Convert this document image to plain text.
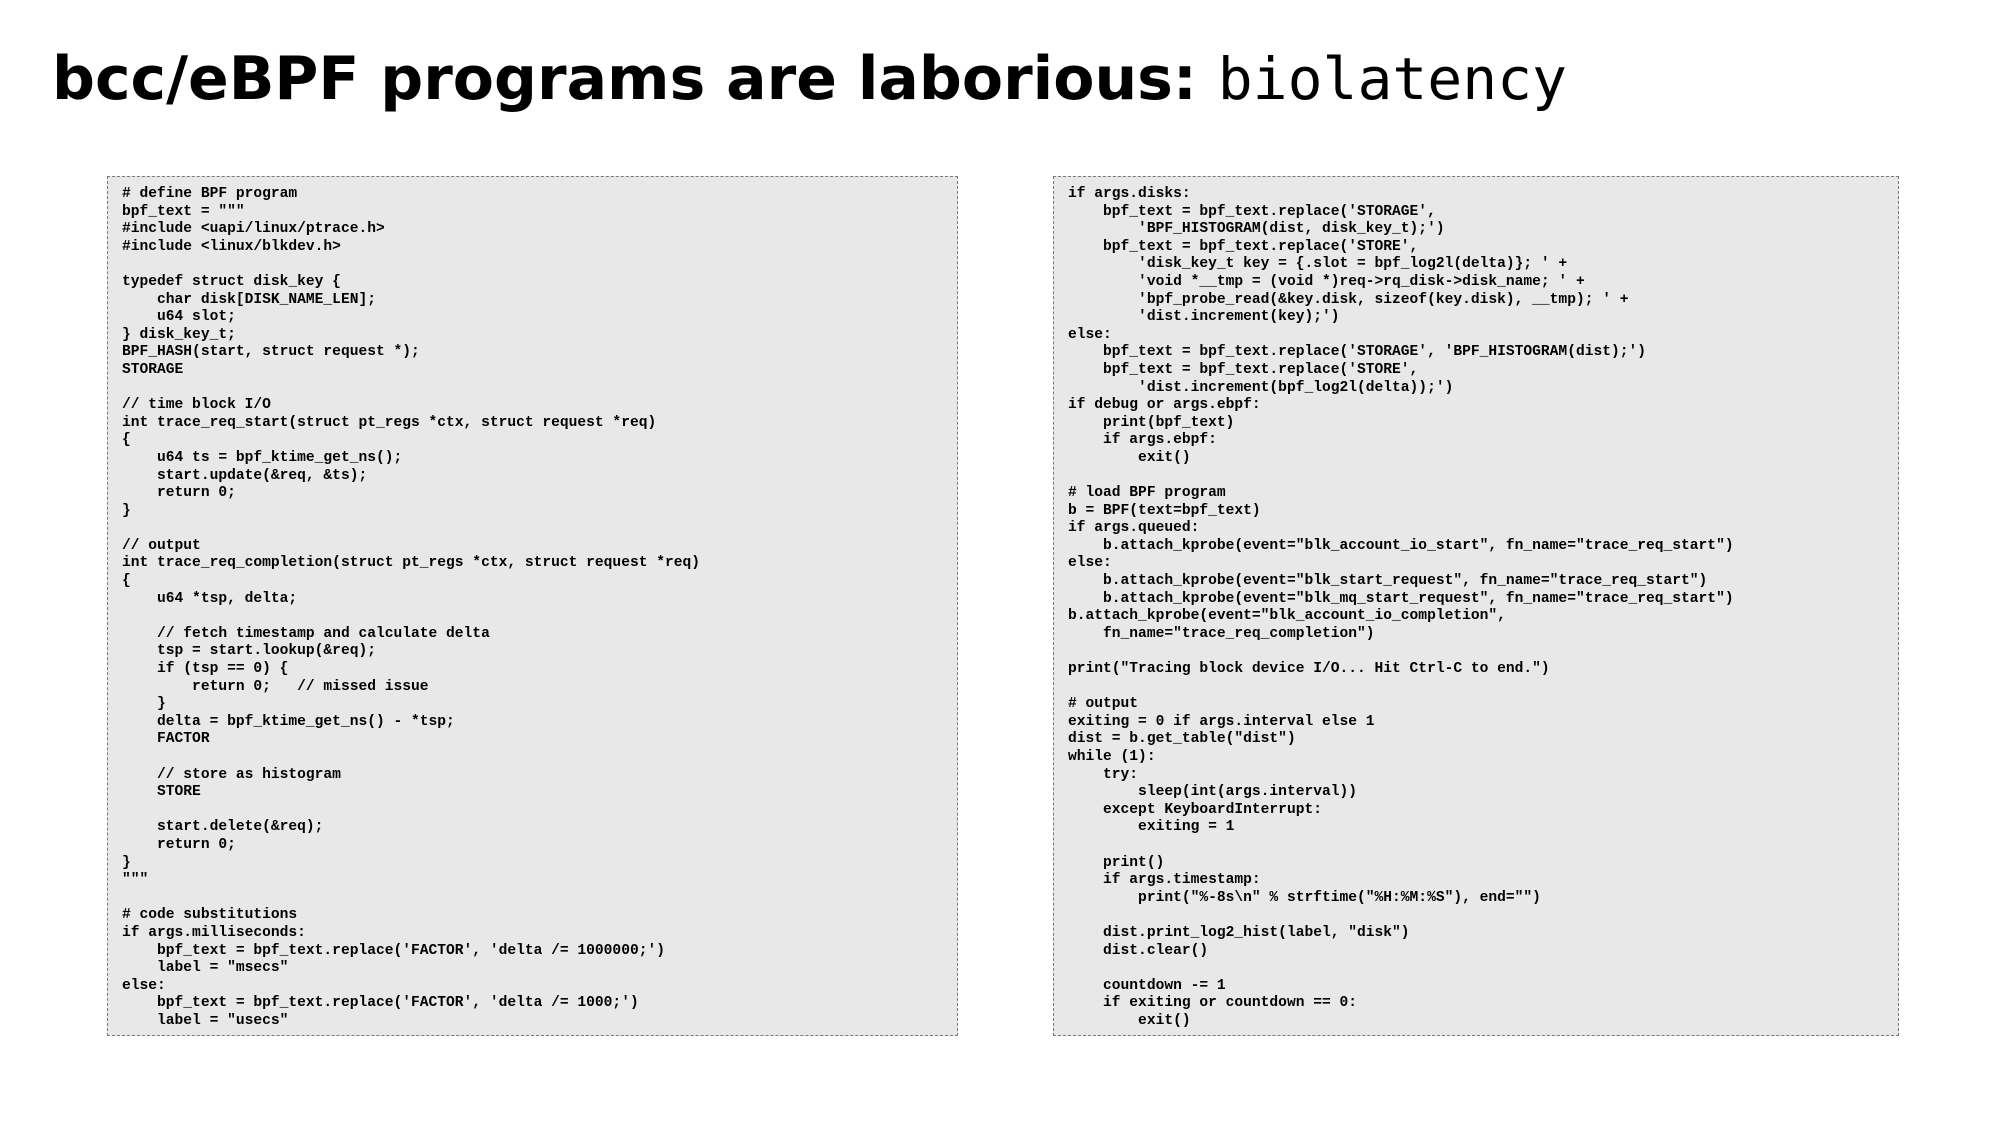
bcc/eBPF programs are laborious: biolatency
# define BPF program
bpf_text = """
#include <uapi/linux/ptrace.h>
#include <linux/blkdev.h>

typedef struct disk_key {
char disk[DISK_NAME_LEN];
u64 slot;
} disk_key_t;
BPF_HASH(start, struct request *);
STORAGE

// time block I/O
int trace_req_start(struct pt_regs *ctx, struct request *req)
{
u64 ts = bpf_ktime_get_ns();
start.update(&req, &ts);
return 0;
}

// output
int trace_req_completion(struct pt_regs *ctx, struct request *req)
{
u64 *tsp, delta;

// fetch timestamp and calculate delta
tsp = start.lookup(&req);
if (tsp == 0) {
return 0;   // missed issue
}
delta = bpf_ktime_get_ns() - *tsp;
FACTOR

// store as histogram
STORE

start.delete(&req);
return 0;
}
"""

# code substitutions
if args.milliseconds:
bpf_text = bpf_text.replace('FACTOR', 'delta /= 1000000;')
label = "msecs"
else:
bpf_text = bpf_text.replace('FACTOR', 'delta /= 1000;')
label = "usecs"
if args.disks:
bpf_text = bpf_text.replace('STORAGE',
'BPF_HISTOGRAM(dist, disk_key_t);')
bpf_text = bpf_text.replace('STORE',
'disk_key_t key = {.slot = bpf_log2l(delta)}; ' +
'void *__tmp = (void *)req->rq_disk->disk_name; ' +
'bpf_probe_read(&key.disk, sizeof(key.disk), __tmp); ' +
'dist.increment(key);')
else:
bpf_text = bpf_text.replace('STORAGE', 'BPF_HISTOGRAM(dist);')
bpf_text = bpf_text.replace('STORE',
'dist.increment(bpf_log2l(delta));')
if debug or args.ebpf:
print(bpf_text)
if args.ebpf:
exit()

# load BPF program
b = BPF(text=bpf_text)
if args.queued:
b.attach_kprobe(event="blk_account_io_start", fn_name="trace_req_start")
else:
b.attach_kprobe(event="blk_start_request", fn_name="trace_req_start")
b.attach_kprobe(event="blk_mq_start_request", fn_name="trace_req_start")
b.attach_kprobe(event="blk_account_io_completion",
fn_name="trace_req_completion")

print("Tracing block device I/O... Hit Ctrl-C to end.")

# output
exiting = 0 if args.interval else 1
dist = b.get_table("dist")
while (1):
try:
sleep(int(args.interval))
except KeyboardInterrupt:
exiting = 1

print()
if args.timestamp:
print("%-8s\n" % strftime("%H:%M:%S"), end="")

dist.print_log2_hist(label, "disk")
dist.clear()

countdown -= 1
if exiting or countdown == 0:
exit()
